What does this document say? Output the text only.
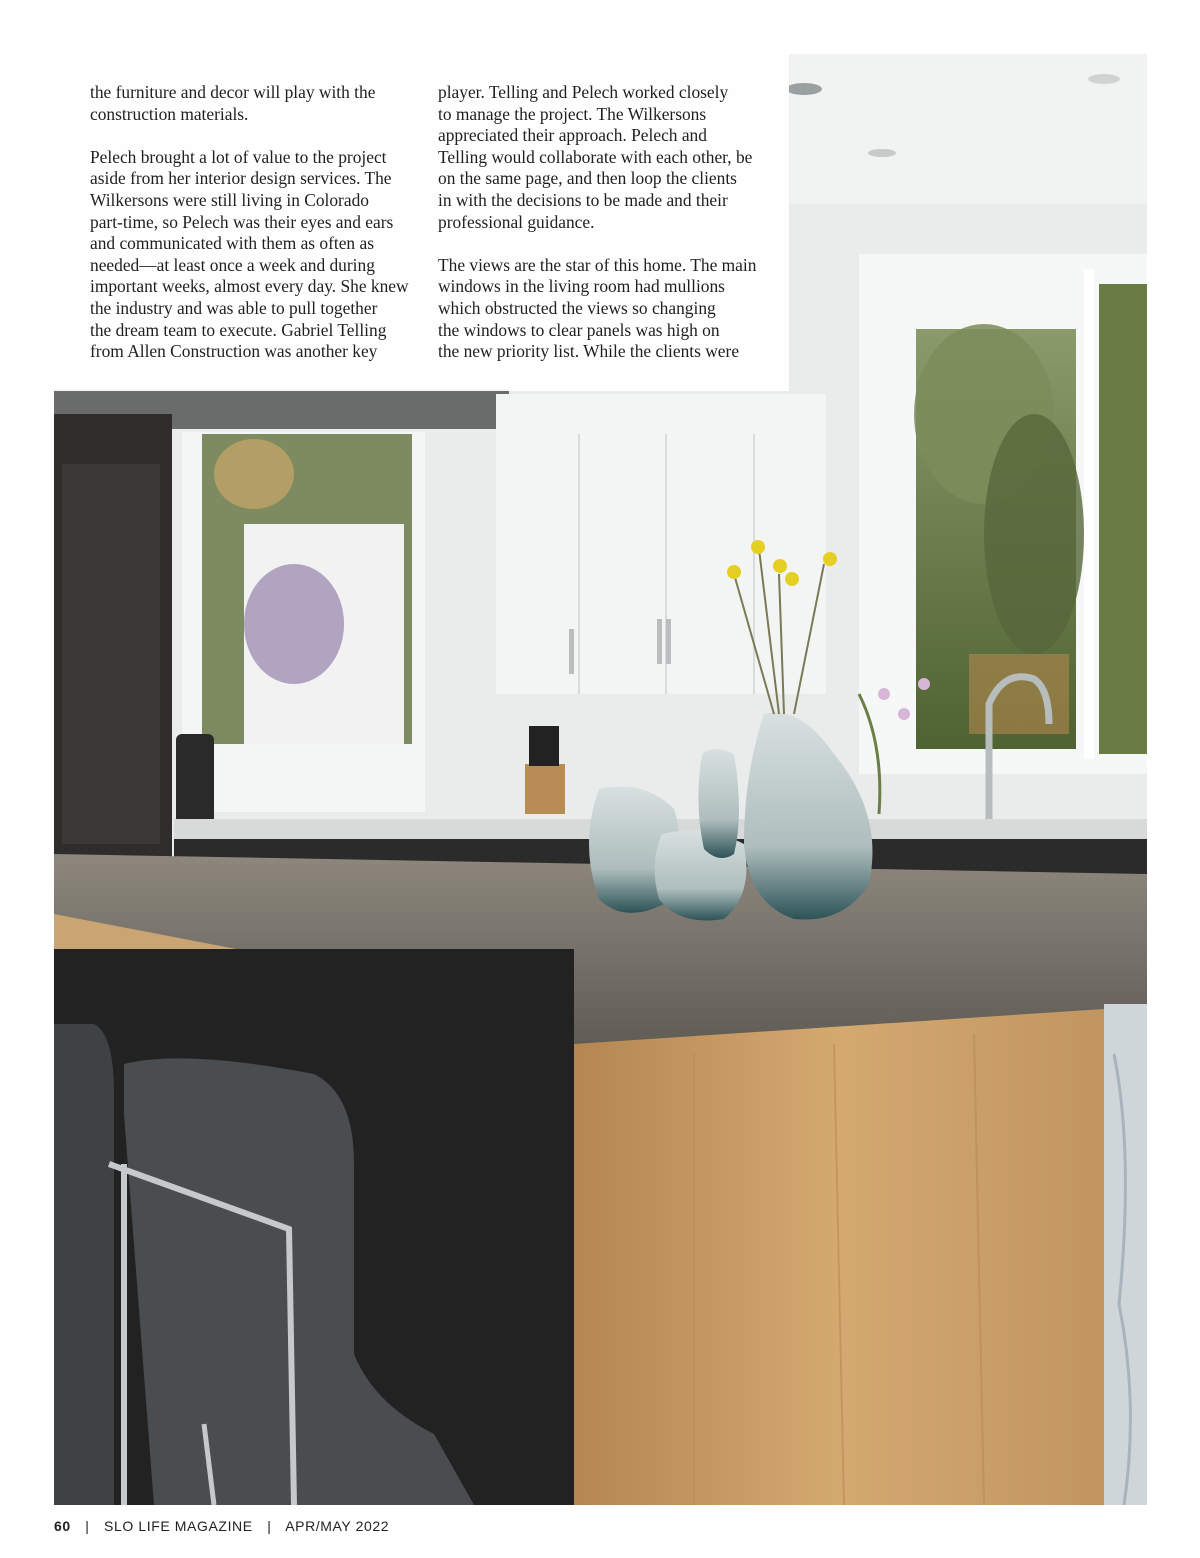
the furniture and decor will play with the
construction materials.

Pelech brought a lot of value to the project
aside from her interior design services. The
Wilkersons were still living in Colorado
part-time, so Pelech was their eyes and ears
and communicated with them as often as
needed—at least once a week and during
important weeks, almost every day. She knew
the industry and was able to pull together
the dream team to execute. Gabriel Telling
from Allen Construction was another key

player. Telling and Pelech worked closely
to manage the project. The Wilkersons
appreciated their approach. Pelech and
Telling would collaborate with each other, be
on the same page, and then loop the clients
in with the decisions to be made and their
professional guidance.

The views are the star of this home. The main
windows in the living room had mullions
which obstructed the views so changing
the windows to clear panels was high on
the new priority list. While the clients were

60 | SLO LIFE MAGAZINE | APR/MAY 2022
